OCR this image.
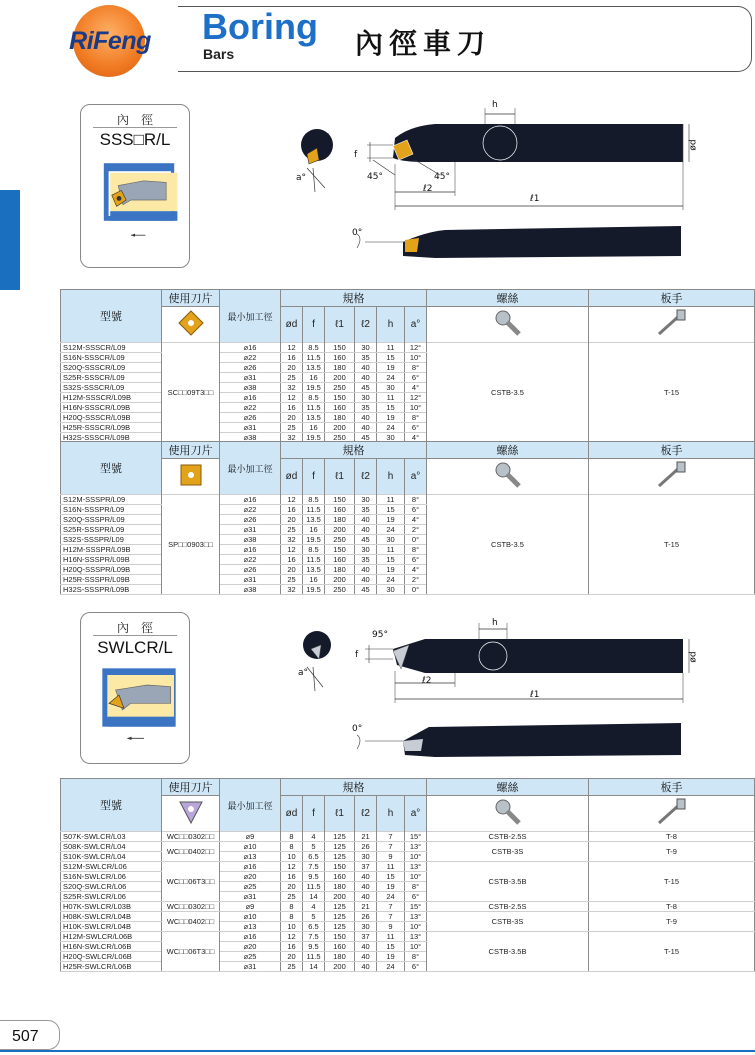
RiFeng	Boring
Bars	內徑車刀
內　徑
SSS□R/L
h
ød
f
a°	45°	45°
ℓ2
ℓ1
0°
型號	使用刀片	最小加工徑	規格						螺絲	板手
	ød	f	ℓ1	ℓ2	h	a°		
S12M-SSSCR/L09	SC□□09T3□□	⌀16	12	8.5	150	30	11	12°	CSTB-3.5	T-15
S16N-SSSCR/L09		⌀22	16	11.5	160	35	15	10°		
S20Q-SSSCR/L09		⌀26	20	13.5	180	40	19	8°		
S25R-SSSCR/L09		⌀31	25	16	200	40	24	6°		
S32S-SSSCR/L09		⌀38	32	19.5	250	45	30	4°		
H12M-SSSCR/L09B		⌀16	12	8.5	150	30	11	12°		
H16N-SSSCR/L09B		⌀22	16	11.5	160	35	15	10°		
H20Q-SSSCR/L09B		⌀26	20	13.5	180	40	19	8°		
H25R-SSSCR/L09B		⌀31	25	16	200	40	24	6°		
H32S-SSSCR/L09B		⌀38	32	19.5	250	45	30	4°		
型號	使用刀片	最小加工徑	規格						螺絲	板手
	ød	f	ℓ1	ℓ2	h	a°		
S12M-SSSPR/L09	SP□□0903□□	⌀16	12	8.5	150	30	11	8°	CSTB-3.5	T-15
S16N-SSSPR/L09		⌀22	16	11.5	160	35	15	6°		
S20Q-SSSPR/L09		⌀26	20	13.5	180	40	19	4°		
S25R-SSSPR/L09		⌀31	25	16	200	40	24	2°		
S32S-SSSPR/L09		⌀38	32	19.5	250	45	30	0°		
H12M-SSSPR/L09B		⌀16	12	8.5	150	30	11	8°		
H16N-SSSPR/L09B		⌀22	16	11.5	160	35	15	6°		
H20Q-SSSPR/L09B		⌀26	20	13.5	180	40	19	4°		
H25R-SSSPR/L09B		⌀31	25	16	200	40	24	2°		
H32S-SSSPR/L09B		⌀38	32	19.5	250	45	30	0°		
內　徑
SWLCR/L
h
ød
f
a°
95°
ℓ2
ℓ1
0°
型號	使用刀片	最小加工徑	規格						螺絲	板手
	ød	f	ℓ1	ℓ2	h	a°		
S07K-SWLCR/L03	WC□□0302□□	⌀9	8	4	125	21	7	15°	CSTB-2.5S	T-8
S08K-SWLCR/L04	WC□□0402□□	⌀10	8	5	125	26	7	13°	CSTB-3S	T-9
S10K-SWLCR/L04		⌀13	10	6.5	125	30	9	10°		
S12M-SWLCR/L06	WC□□06T3□□	⌀16	12	7.5	150	37	11	13°	CSTB-3.5B	T-15
S16N-SWLCR/L06		⌀20	16	9.5	160	40	15	10°		
S20Q-SWLCR/L06		⌀25	20	11.5	180	40	19	8°		
S25R-SWLCR/L06		⌀31	25	14	200	40	24	6°		
H07K-SWLCR/L03B	WC□□0302□□	⌀9	8	4	125	21	7	15°	CSTB-2.5S	T-8
H08K-SWLCR/L04B	WC□□0402□□	⌀10	8	5	125	26	7	13°	CSTB-3S	T-9
H10K-SWLCR/L04B		⌀13	10	6.5	125	30	9	10°		
H12M-SWLCR/L06B	WC□□06T3□□	⌀16	12	7.5	150	37	11	13°	CSTB-3.5B	T-15
H16N-SWLCR/L06B		⌀20	16	9.5	160	40	15	10°		
H20Q-SWLCR/L06B		⌀25	20	11.5	180	40	19	8°		
H25R-SWLCR/L06B		⌀31	25	14	200	40	24	6°		
507
